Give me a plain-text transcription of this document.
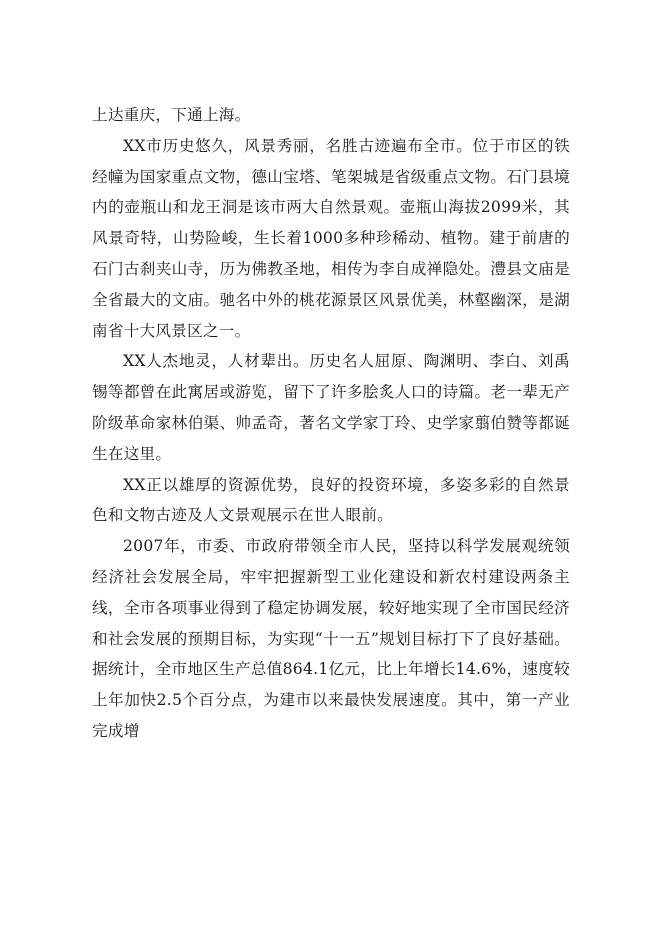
上达重庆，下通上海。

XX市历史悠久，风景秀丽，名胜古迹遍布全市。位于市区的铁经幢为国家重点文物，德山宝塔、笔架城是省级重点文物。石门县境内的壶瓶山和龙王洞是该市两大自然景观。壶瓶山海拔2099米，其风景奇特，山势险峻，生长着1000多种珍稀动、植物。建于前唐的石门古刹夹山寺，历为佛教圣地，相传为李自成禅隐处。澧县文庙是全省最大的文庙。驰名中外的桃花源景区风景优美，林壑幽深，是湖南省十大风景区之一。

XX人杰地灵，人材辈出。历史名人屈原、陶渊明、李白、刘禹锡等都曾在此寓居或游览，留下了许多脍炙人口的诗篇。老一辈无产阶级革命家林伯渠、帅孟奇，著名文学家丁玲、史学家翦伯赞等都诞生在这里。

XX正以雄厚的资源优势，良好的投资环境，多姿多彩的自然景色和文物古迹及人文景观展示在世人眼前。

2007年，市委、市政府带领全市人民，坚持以科学发展观统领经济社会发展全局，牢牢把握新型工业化建设和新农村建设两条主线，全市各项事业得到了稳定协调发展，较好地实现了全市国民经济和社会发展的预期目标，为实现“十一五”规划目标打下了良好基础。据统计，全市地区生产总值864.1亿元，比上年增长14.6%，速度较上年加快2.5个百分点，为建市以来最快发展速度。其中，第一产业完成增
